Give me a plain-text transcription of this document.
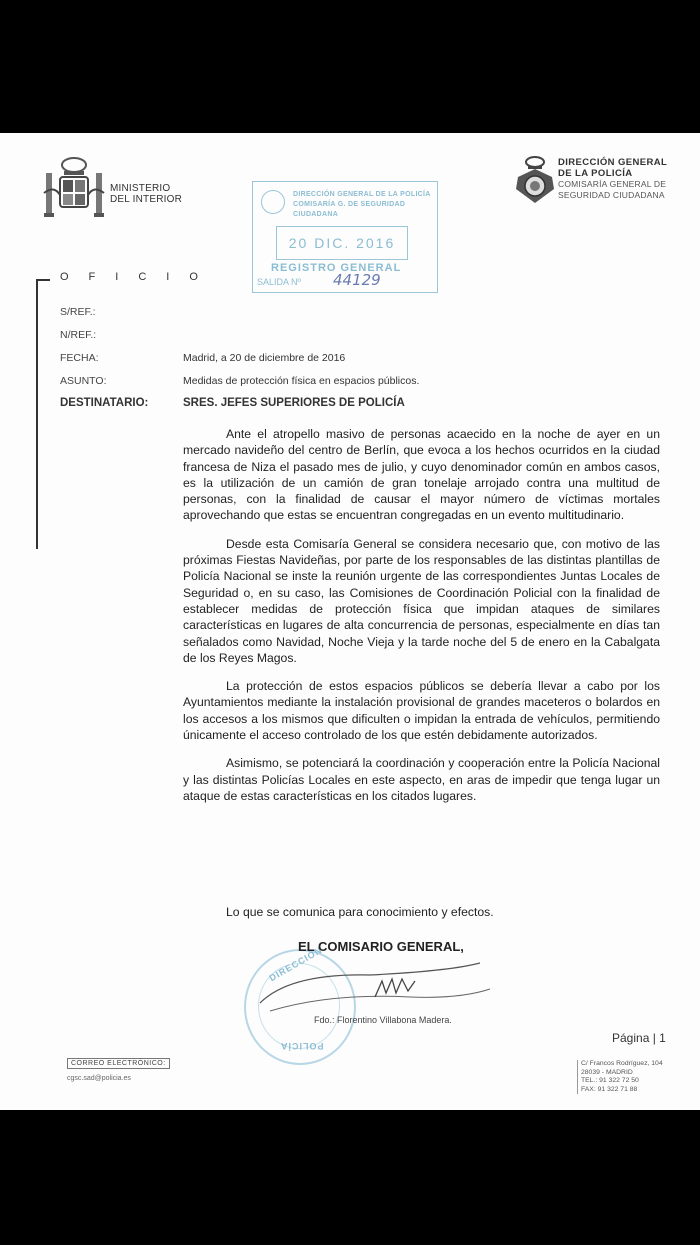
MINISTERIO
DEL INTERIOR	DIRECCIÓN GENERAL DE LA POLICÍA
COMISARÍA G. DE SEGURIDAD CIUDADANA
20 DIC. 2016
REGISTRO GENERAL
SALIDA Nº 44129
DIRECCIÓN GENERAL
DE LA POLICÍA
COMISARÍA GENERAL DE
SEGURIDAD CIUDADANA
OFICIO
S/REF.:
N/REF.:
FECHA:	Madrid, a 20 de diciembre de 2016
ASUNTO:	Medidas de protección física en espacios públicos.
DESTINATARIO:	SRES. JEFES SUPERIORES DE POLICÍA

Ante el atropello masivo de personas acaecido en la noche de ayer en un mercado navideño del centro de Berlín, que evoca a los hechos ocurridos en la ciudad francesa de Niza el pasado mes de julio, y cuyo denominador común en ambos casos, es la utilización de un camión de gran tonelaje arrojado contra una multitud de personas, con la finalidad de causar el mayor número de víctimas mortales aprovechando que estas se encuentran congregadas en un evento multitudinario.

Desde esta Comisaría General se considera necesario que, con motivo de las próximas Fiestas Navideñas, por parte de los responsables de las distintas plantillas de Policía Nacional se inste la reunión urgente de las correspondientes Juntas Locales de Seguridad o, en su caso, las Comisiones de Coordinación Policial con la finalidad de establecer medidas de protección física que impidan ataques de similares características en lugares de alta concurrencia de personas, especialmente en días tan señalados como Navidad, Noche Vieja y la tarde noche del 5 de enero en la Cabalgata de los Reyes Magos.

La protección de estos espacios públicos se debería llevar a cabo por los Ayuntamientos mediante la instalación provisional de grandes maceteros o bolardos en los accesos a los mismos que dificulten o impidan la entrada de vehículos, permitiendo únicamente el acceso controlado de los que estén debidamente autorizados.

Asimismo, se potenciará la coordinación y cooperación entre la Policía Nacional y las distintas Policías Locales en este aspecto, en aras de impedir que tenga lugar un ataque de estas características en los citados lugares.

Lo que se comunica para conocimiento y efectos.
DIRECCIÓN
POLICÍA
EL COMISARIO GENERAL,
Fdo.: Florentino Villabona Madera.
Página | 1
CORREO ELECTRÓNICO:
cgsc.sad@policia.es
C/ Francos Rodríguez, 104
28039 - MADRID
TEL.: 91 322 72 50
FAX: 91 322 71 88
